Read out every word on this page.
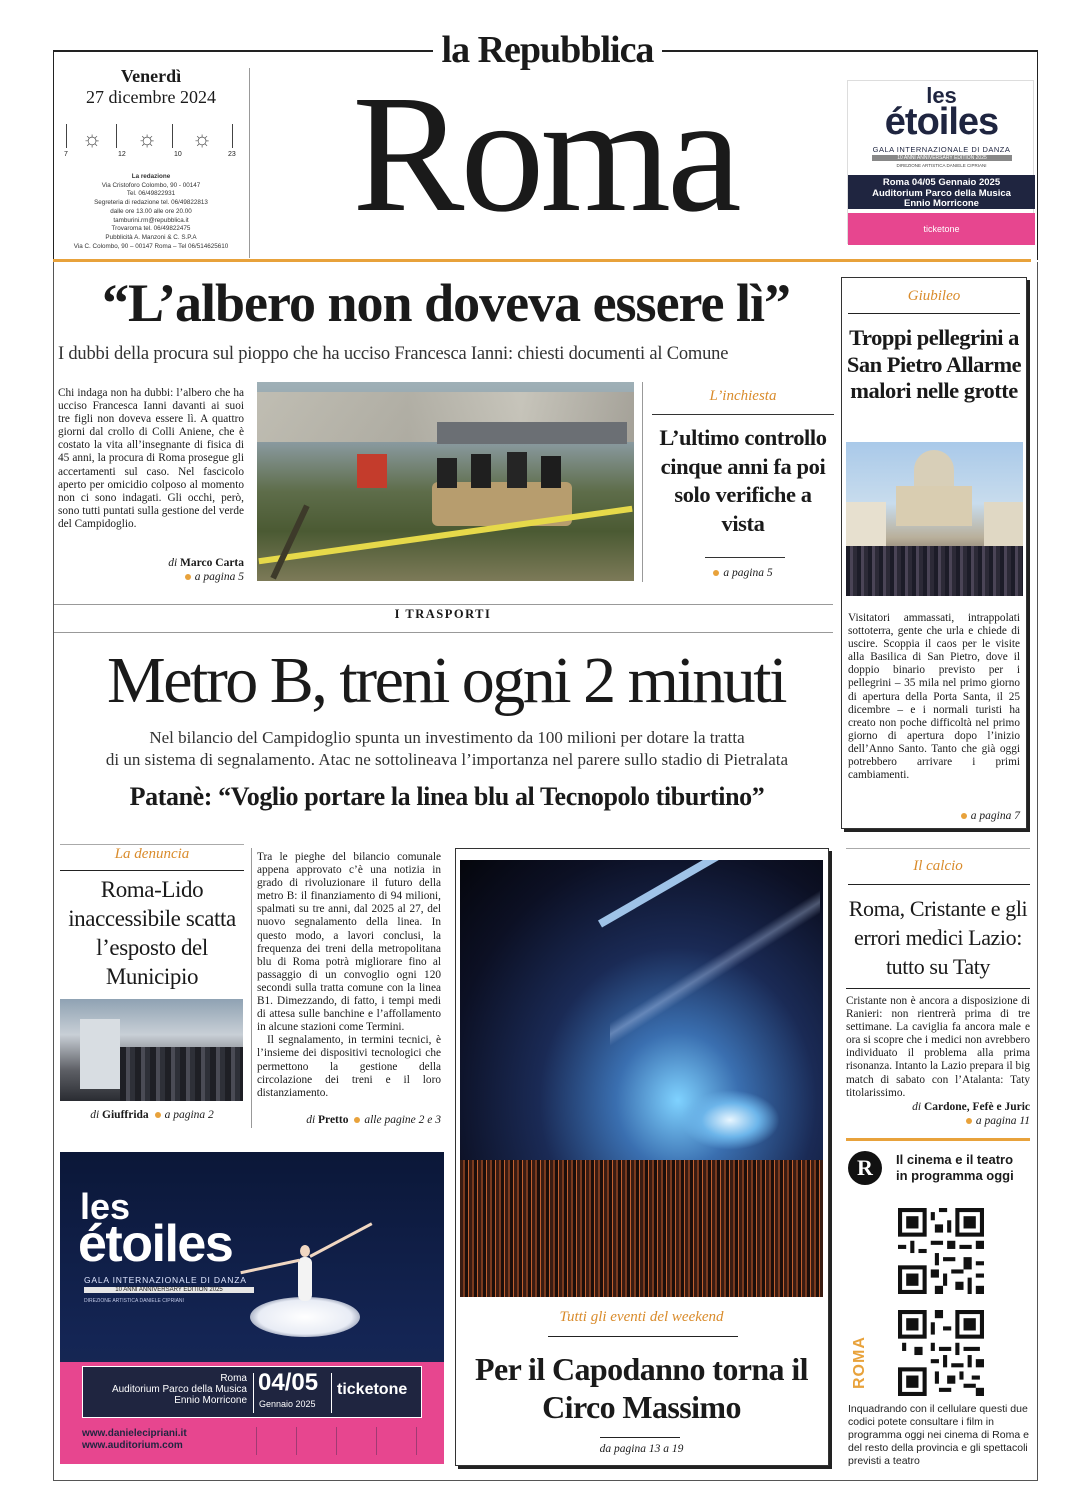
la Repubblica
Venerdì
27 dicembre 2024
☼ ☼ ☼
7	12	10	23
La redazione
Via Cristoforo Colombo, 90 - 00147
Tel. 06/49822931
Segreteria di redazione tel. 06/49822813
dalle ore 13.00 alle ore 20.00
tamburini.rm@repubblica.it
Trovaroma tel. 06/49822475
Pubblicità A. Manzoni & C. S.P.A
Via C. Colombo, 90 – 00147 Roma – Tel 06/514625610 Roma	les
étoiles
GALA INTERNAZIONALE DI DANZA
10 ANNI ANNIVERSARY EDITION 2025
DIREZIONE ARTISTICA DANIELE CIPRIANI
Roma 04/05 Gennaio 2025
Auditorium Parco della Musica
Ennio Morricone
ticketone
“L’albero non doveva essere lì”
I dubbi della procura sul pioppo che ha ucciso Francesca Ianni: chiesti documenti al Comune
Chi indaga non ha dubbi: l’albero che ha ucciso Francesca Ianni davanti ai suoi tre figli non doveva essere lì. A quattro giorni dal crollo di Colli Aniene, che è costato la vita all’insegnante di fisica di 45 anni, la procura di Roma prosegue gli accertamenti sul caso. Nel fascicolo aperto per omicidio colposo al momento non ci sono indagati. Gli occhi, però, sono tutti puntati sulla gestione del verde del Campidoglio.
di Marco Carta
a pagina 5
L’inchiesta
L’ultimo controllo cinque anni fa poi solo verifiche a vista
a pagina 5
Giubileo
Troppi pellegrini a San Pietro Allarme malori nelle grotte
Visitatori ammassati, intrappolati sottoterra, gente che urla e chiede di uscire. Scoppia il caos per le visite alla Basilica di San Pietro, dove il doppio binario previsto per i pellegrini – 35 mila nel primo giorno di apertura della Porta Santa, il 25 dicembre – e i normali turisti ha creato non poche difficoltà nel primo giorno di apertura dopo l’inizio dell’Anno Santo. Tanto che già oggi potrebbero arrivare i primi cambiamenti.
a pagina 7
I TRASPORTI
Metro B, treni ogni 2 minuti
Nel bilancio del Campidoglio spunta un investimento da 100 milioni per dotare la tratta
di un sistema di segnalamento. Atac ne sottolineava l’importanza nel parere sullo stadio di Pietralata
Patanè: “Voglio portare la linea blu al Tecnopolo tiburtino”
La denuncia
Roma-Lido inaccessibile scatta l’esposto del Municipio
di Giuffrida a pagina 2
Tra le pieghe del bilancio comunale appena approvato c’è una notizia in grado di rivoluzionare il futuro della metro B: il finanziamento di 94 milioni, spalmati su tre anni, dal 2025 al 27, del nuovo segnalamento della linea. In questo modo, a lavori conclusi, la frequenza dei treni della metropolitana blu di Roma potrà migliorare fino al passaggio di un convoglio ogni 120 secondi sulla tratta comune con la linea B1. Dimezzando, di fatto, i tempi medi di attesa sulle banchine e l’affollamento in alcune stazioni come Termini.
Il segnalamento, in termini tecnici, è l’insieme dei dispositivi tecnologici che permettono la gestione della circolazione dei treni e il loro distanziamento.
di Pretto alle pagine 2 e 3
Tutti gli eventi del weekend
Per il Capodanno torna il Circo Massimo
da pagina 13 a 19
Il calcio
Roma, Cristante e gli errori medici Lazio: tutto su Taty
Cristante non è ancora a disposizione di Ranieri: non rientrerà prima di tre settimane. La caviglia fa ancora male e ora si scopre che i medici non avrebbero individuato il problema alla prima risonanza. Intanto la Lazio prepara il big match di sabato con l’Atalanta: Taty titolarissimo.
di Cardone, Fefè e Juric
a pagina 11
R	Il cinema e il teatro in programma oggi
ROMA
Inquadrando con il cellulare questi due codici potete consultare i film in programma oggi nei cinema di Roma e del resto della provincia e gli spettacoli previsti a teatro
les
étoiles
GALA INTERNAZIONALE DI DANZA
10 ANNI ANNIVERSARY EDITION 2025
DIREZIONE ARTISTICA DANIELE CIPRIANI
Roma
Auditorium Parco della Musica
Ennio Morricone
04/05
Gennaio 2025
ticketone
www.danielecipriani.it
www.auditorium.com
